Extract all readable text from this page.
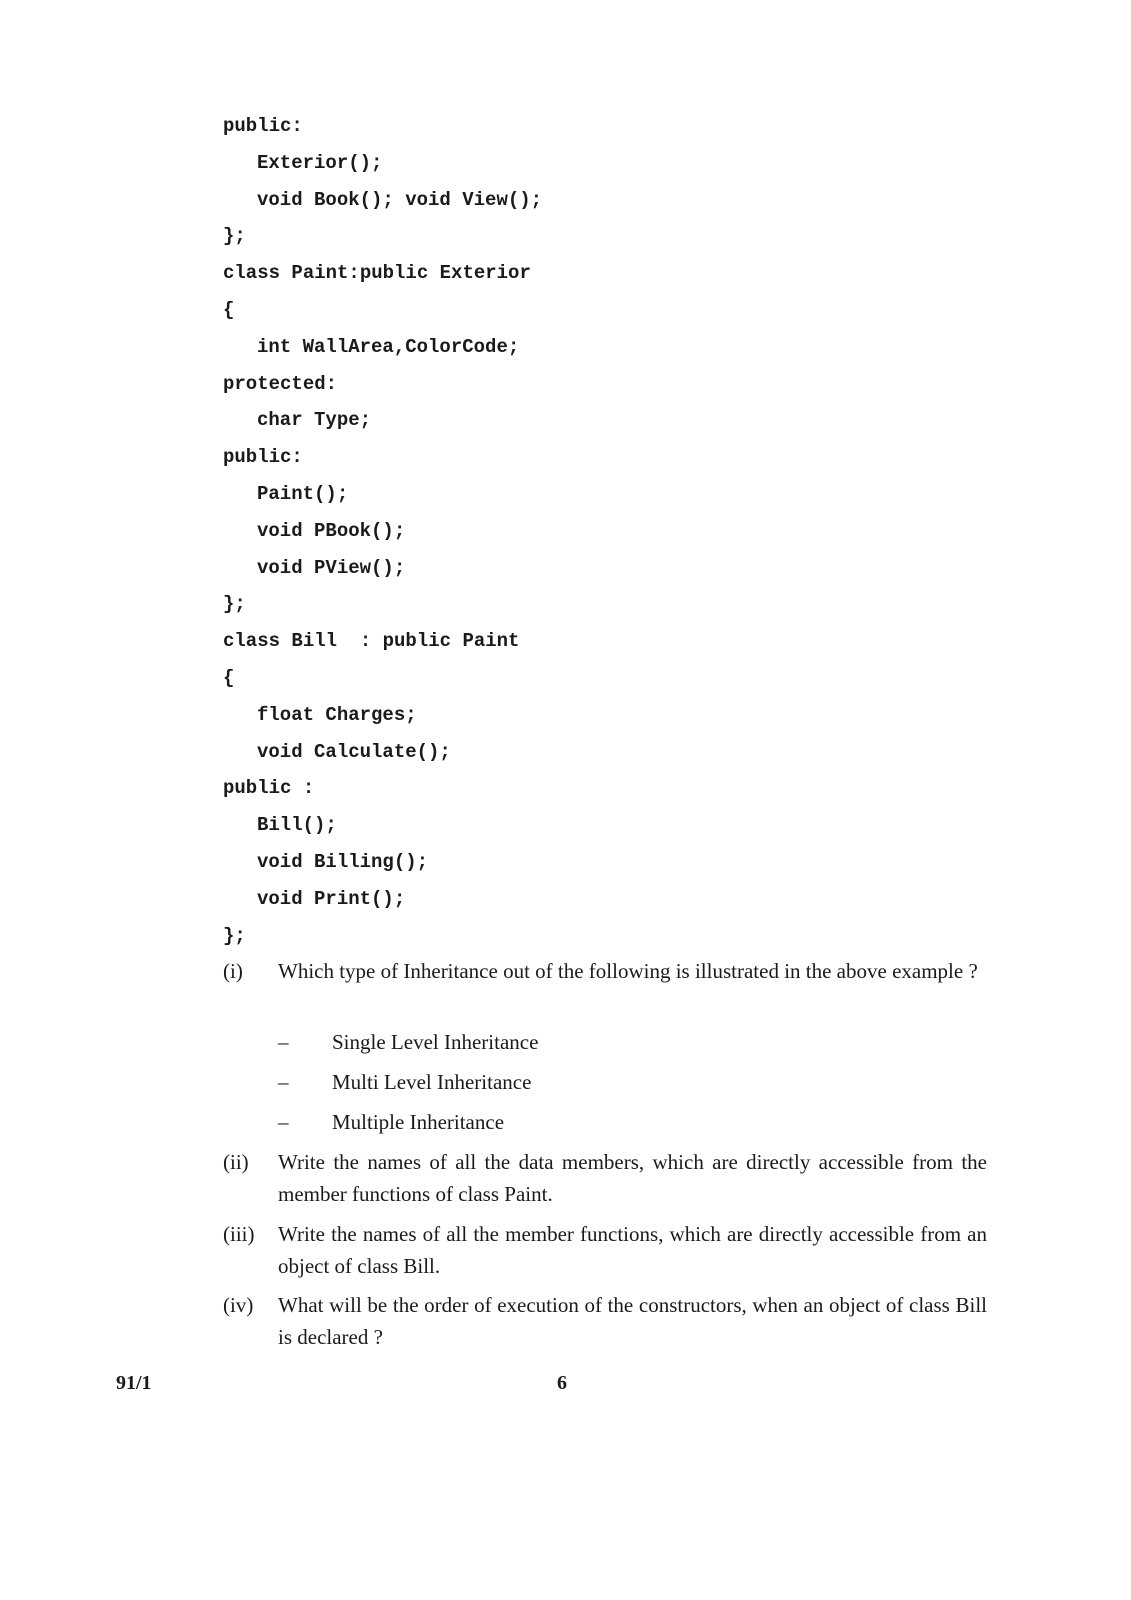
public:
Exterior();
void Book(); void View();
};
class Paint:public Exterior
{
int WallArea,ColorCode;
protected:
char Type;
public:
Paint();
void PBook();
void PView();
};
class Bill  : public Paint
{
float Charges;
void Calculate();
public :
Bill();
void Billing();
void Print();
};
(i) Which type of Inheritance out of the following is illustrated in the above example ?
– Single Level Inheritance
– Multi Level Inheritance
– Multiple Inheritance
(ii) Write the names of all the data members, which are directly accessible from the member functions of class Paint.
(iii) Write the names of all the member functions, which are directly accessible from an object of class Bill.
(iv) What will be the order of execution of the constructors, when an object of class Bill is declared ?
91/1	6
